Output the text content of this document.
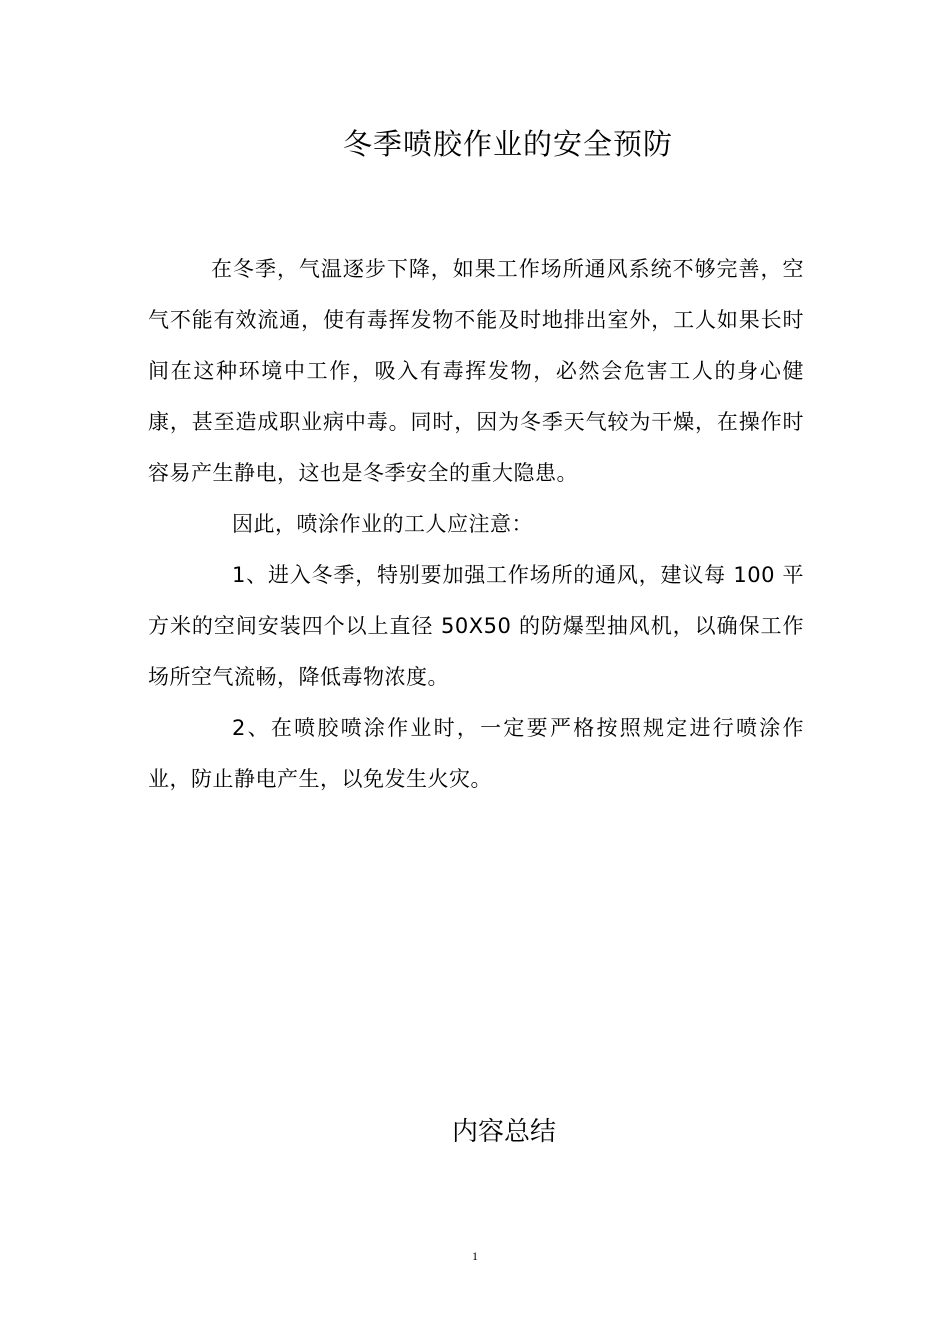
冬季喷胶作业的安全预防

在冬季，气温逐步下降，如果工作场所通风系统不够完善，空气不能有效流通，使有毒挥发物不能及时地排出室外，工人如果长时间在这种环境中工作，吸入有毒挥发物，必然会危害工人的身心健康，甚至造成职业病中毒。同时，因为冬季天气较为干燥，在操作时容易产生静电，这也是冬季安全的重大隐患。

因此，喷涂作业的工人应注意：

1、进入冬季，特别要加强工作场所的通风，建议每 100 平方米的空间安装四个以上直径 50X50 的防爆型抽风机，以确保工作场所空气流畅，降低毒物浓度。

2、在喷胶喷涂作业时，一定要严格按照规定进行喷涂作业，防止静电产生，以免发生火灾。

内容总结
1
